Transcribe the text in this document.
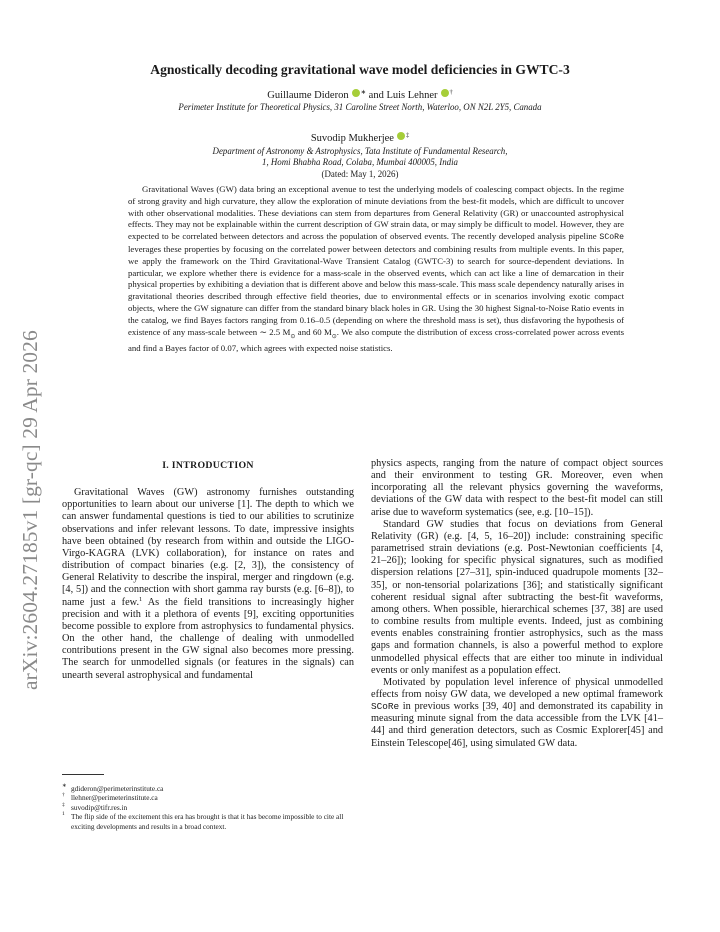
arXiv:2604.27185v1 [gr-qc] 29 Apr 2026
Agnostically decoding gravitational wave model deficiencies in GWTC-3
Guillaume Dideron ∗ and Luis Lehner †
Perimeter Institute for Theoretical Physics, 31 Caroline Street North, Waterloo, ON N2L 2Y5, Canada
Suvodip Mukherjee ‡
Department of Astronomy & Astrophysics, Tata Institute of Fundamental Research,
1, Homi Bhabha Road, Colaba, Mumbai 400005, India
(Dated: May 1, 2026)

Gravitational Waves (GW) data bring an exceptional avenue to test the underlying models of coalescing compact objects. In the regime of strong gravity and high curvature, they allow the exploration of minute deviations from the best-fit models, which are difficult to uncover with other observational modalities. These deviations can stem from departures from General Relativity (GR) or unaccounted astrophysical effects. They may not be explainable within the current description of GW strain data, or may simply be difficult to model. However, they are expected to be correlated between detectors and across the population of observed events. The recently developed analysis pipeline SCoRe leverages these properties by focusing on the correlated power between detectors and combining results from multiple events. In this paper, we apply the framework on the Third Gravitational-Wave Transient Catalog (GWTC-3) to search for source-dependent deviations. In particular, we explore whether there is evidence for a mass-scale in the observed events, which can act like a line of demarcation in their physical properties by exhibiting a deviation that is different above and below this mass-scale. This mass scale dependency naturally arises in gravitational theories described through effective field theories, due to environmental effects or in scenarios involving exotic compact objects, where the GW signature can differ from the standard binary black holes in GR. Using the 30 highest Signal-to-Noise Ratio events in the catalog, we find Bayes factors ranging from 0.16–0.5 (depending on where the threshold mass is set), thus disfavoring the hypothesis of existence of any mass-scale between ∼ 2.5 $M_⊙$ and 60 $M_⊙$. We also compute the distribution of excess cross-correlated power across events and find a Bayes factor of 0.07, which agrees with expected noise statistics.

I. INTRODUCTION

Gravitational Waves (GW) astronomy furnishes outstanding opportunities to learn about our universe [1]. The depth to which we can answer fundamental questions is tied to our abilities to scrutinize observations and infer relevant lessons. To date, impressive insights have been obtained (by research from within and outside the LIGO-Virgo-KAGRA (LVK) collaboration), for instance on rates and distribution of compact binaries (e.g. [2, 3]), the consistency of General Relativity to describe the inspiral, merger and ringdown (e.g. [4, 5]) and the connection with short gamma ray bursts (e.g. [6–8]), to name just a few.$^1$ As the field transitions to increasingly higher precision and with it a plethora of events [9], exciting opportunities become possible to explore from astrophysics to fundamental physics. On the other hand, the challenge of dealing with unmodelled contributions present in the GW signal also becomes more pressing. The search for unmodelled signals (or features in the signals) can unearth several astrophysical and fundamental

physics aspects, ranging from the nature of compact object sources and their environment to testing GR. Moreover, even when incorporating all the relevant physics governing the waveforms, deviations of the GW data with respect to the best-fit model can still arise due to waveform systematics (see, e.g. [10–15]).

Standard GW studies that focus on deviations from General Relativity (GR) (e.g. [4, 5, 16–20]) include: constraining specific parametrised strain deviations (e.g. Post-Newtonian coefficients [4, 21–26]); looking for specific physical signatures, such as modified dispersion relations [27–31], spin-induced quadrupole moments [32–35], or non-tensorial polarizations [36]; and statistically significant coherent residual signal after subtracting the best-fit waveforms, among others. When possible, hierarchical schemes [37, 38] are used to combine results from multiple events. Indeed, just as combining events enables constraining frontier astrophysics, such as the mass gaps and formation channels, is also a powerful method to explore unmodelled physical effects that are either too minute in individual events or only manifest as a population effect.

Motivated by population level inference of physical unmodelled effects from noisy GW data, we developed a new optimal framework SCoRe in previous works [39, 40] and demonstrated its capability in measuring minute signal from the data accessible from the LVK [41–44] and third generation detectors, such as Cosmic Explorer[45] and Einstein Telescope[46], using simulated GW data.

∗ gdideron@perimeterinstitute.ca
† llehner@perimeterinstitute.ca
‡ suvodip@tifr.res.in
1 The flip side of the excitement this era has brought is that it has become impossible to cite all exciting developments and results in a broad context.
